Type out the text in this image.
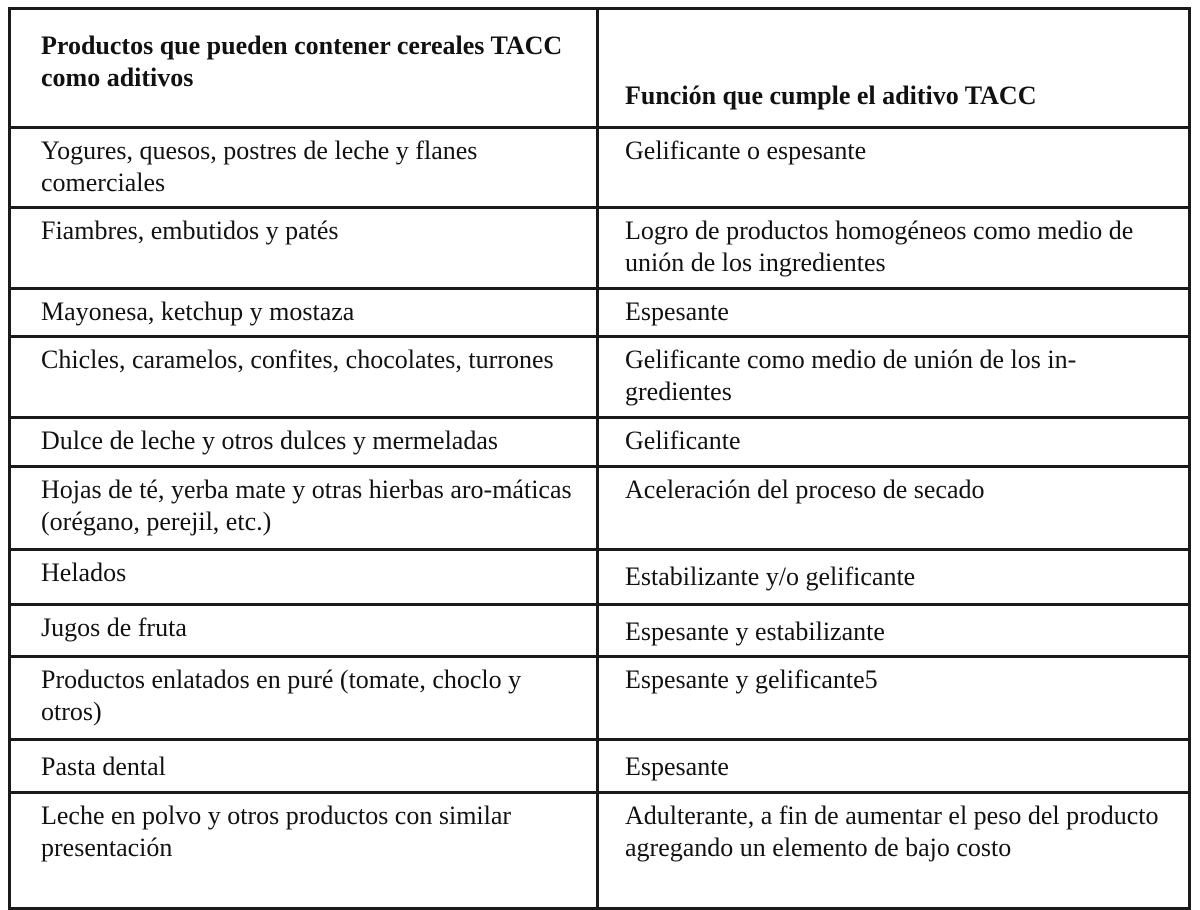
Productos que pueden contener cereales TACC como aditivos	Función que cumple el aditivo TACC
Yogures, quesos, postres de leche y flanes comerciales	Gelificante o espesante
Fiambres, embutidos y patés	Logro de productos homogéneos como medio de unión de los ingredientes
Mayonesa, ketchup y mostaza	Espesante
Chicles, caramelos, confites, chocolates, turrones	Gelificante como medio de unión de los in-gredientes
Dulce de leche y otros dulces y mermeladas	Gelificante
Hojas de té, yerba mate y otras hierbas aro-máticas (orégano, perejil, etc.)	Aceleración del proceso de secado
Helados	Estabilizante y/o gelificante
Jugos de fruta	Espesante y estabilizante
Productos enlatados en puré (tomate, choclo y otros)	Espesante y gelificante5
Pasta dental	Espesante
Leche en polvo y otros productos con similar presentación	Adulterante, a fin de aumentar el peso del producto agregando un elemento de bajo costo
